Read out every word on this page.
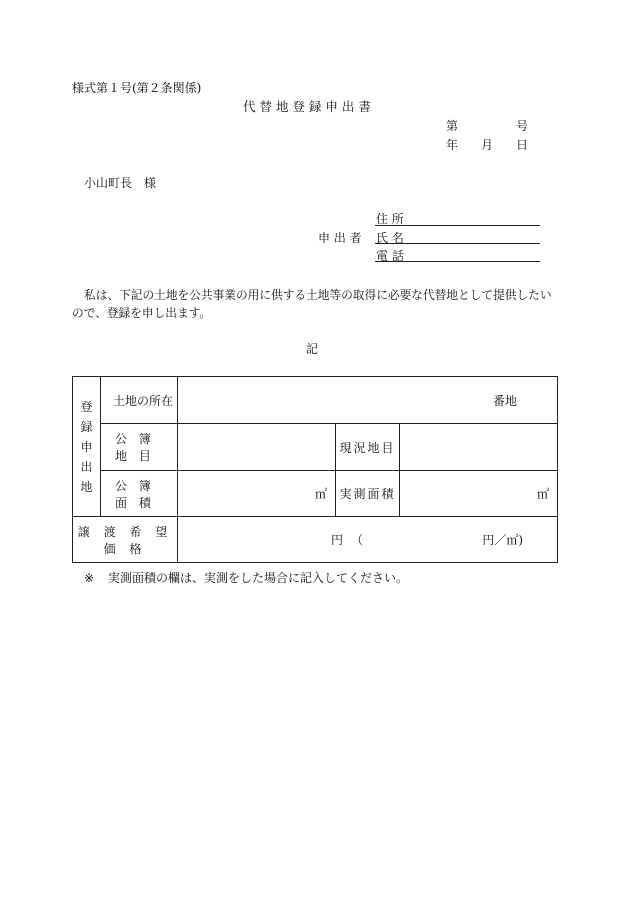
様式第１号(第２条関係)
代 替 地 登 録 申 出 書
第	号
年 月 日
小山町長　様
申 出 者
住 所
氏 名
電 話
私は、下記の土地を公共事業の用に供する土地等の取得に必要な代替地として提供したい
ので、登録を申し出ます。
記
登
録
申
出
地	土地の所在	番地		
	公 簿 地 目		現況地目	
	公 簿 面 積	㎡	実測面積	㎡
譲 渡 希 望 価 格		円 （ 円／㎡)		
※ 実測面積の欄は、実測をした場合に記入してください。
